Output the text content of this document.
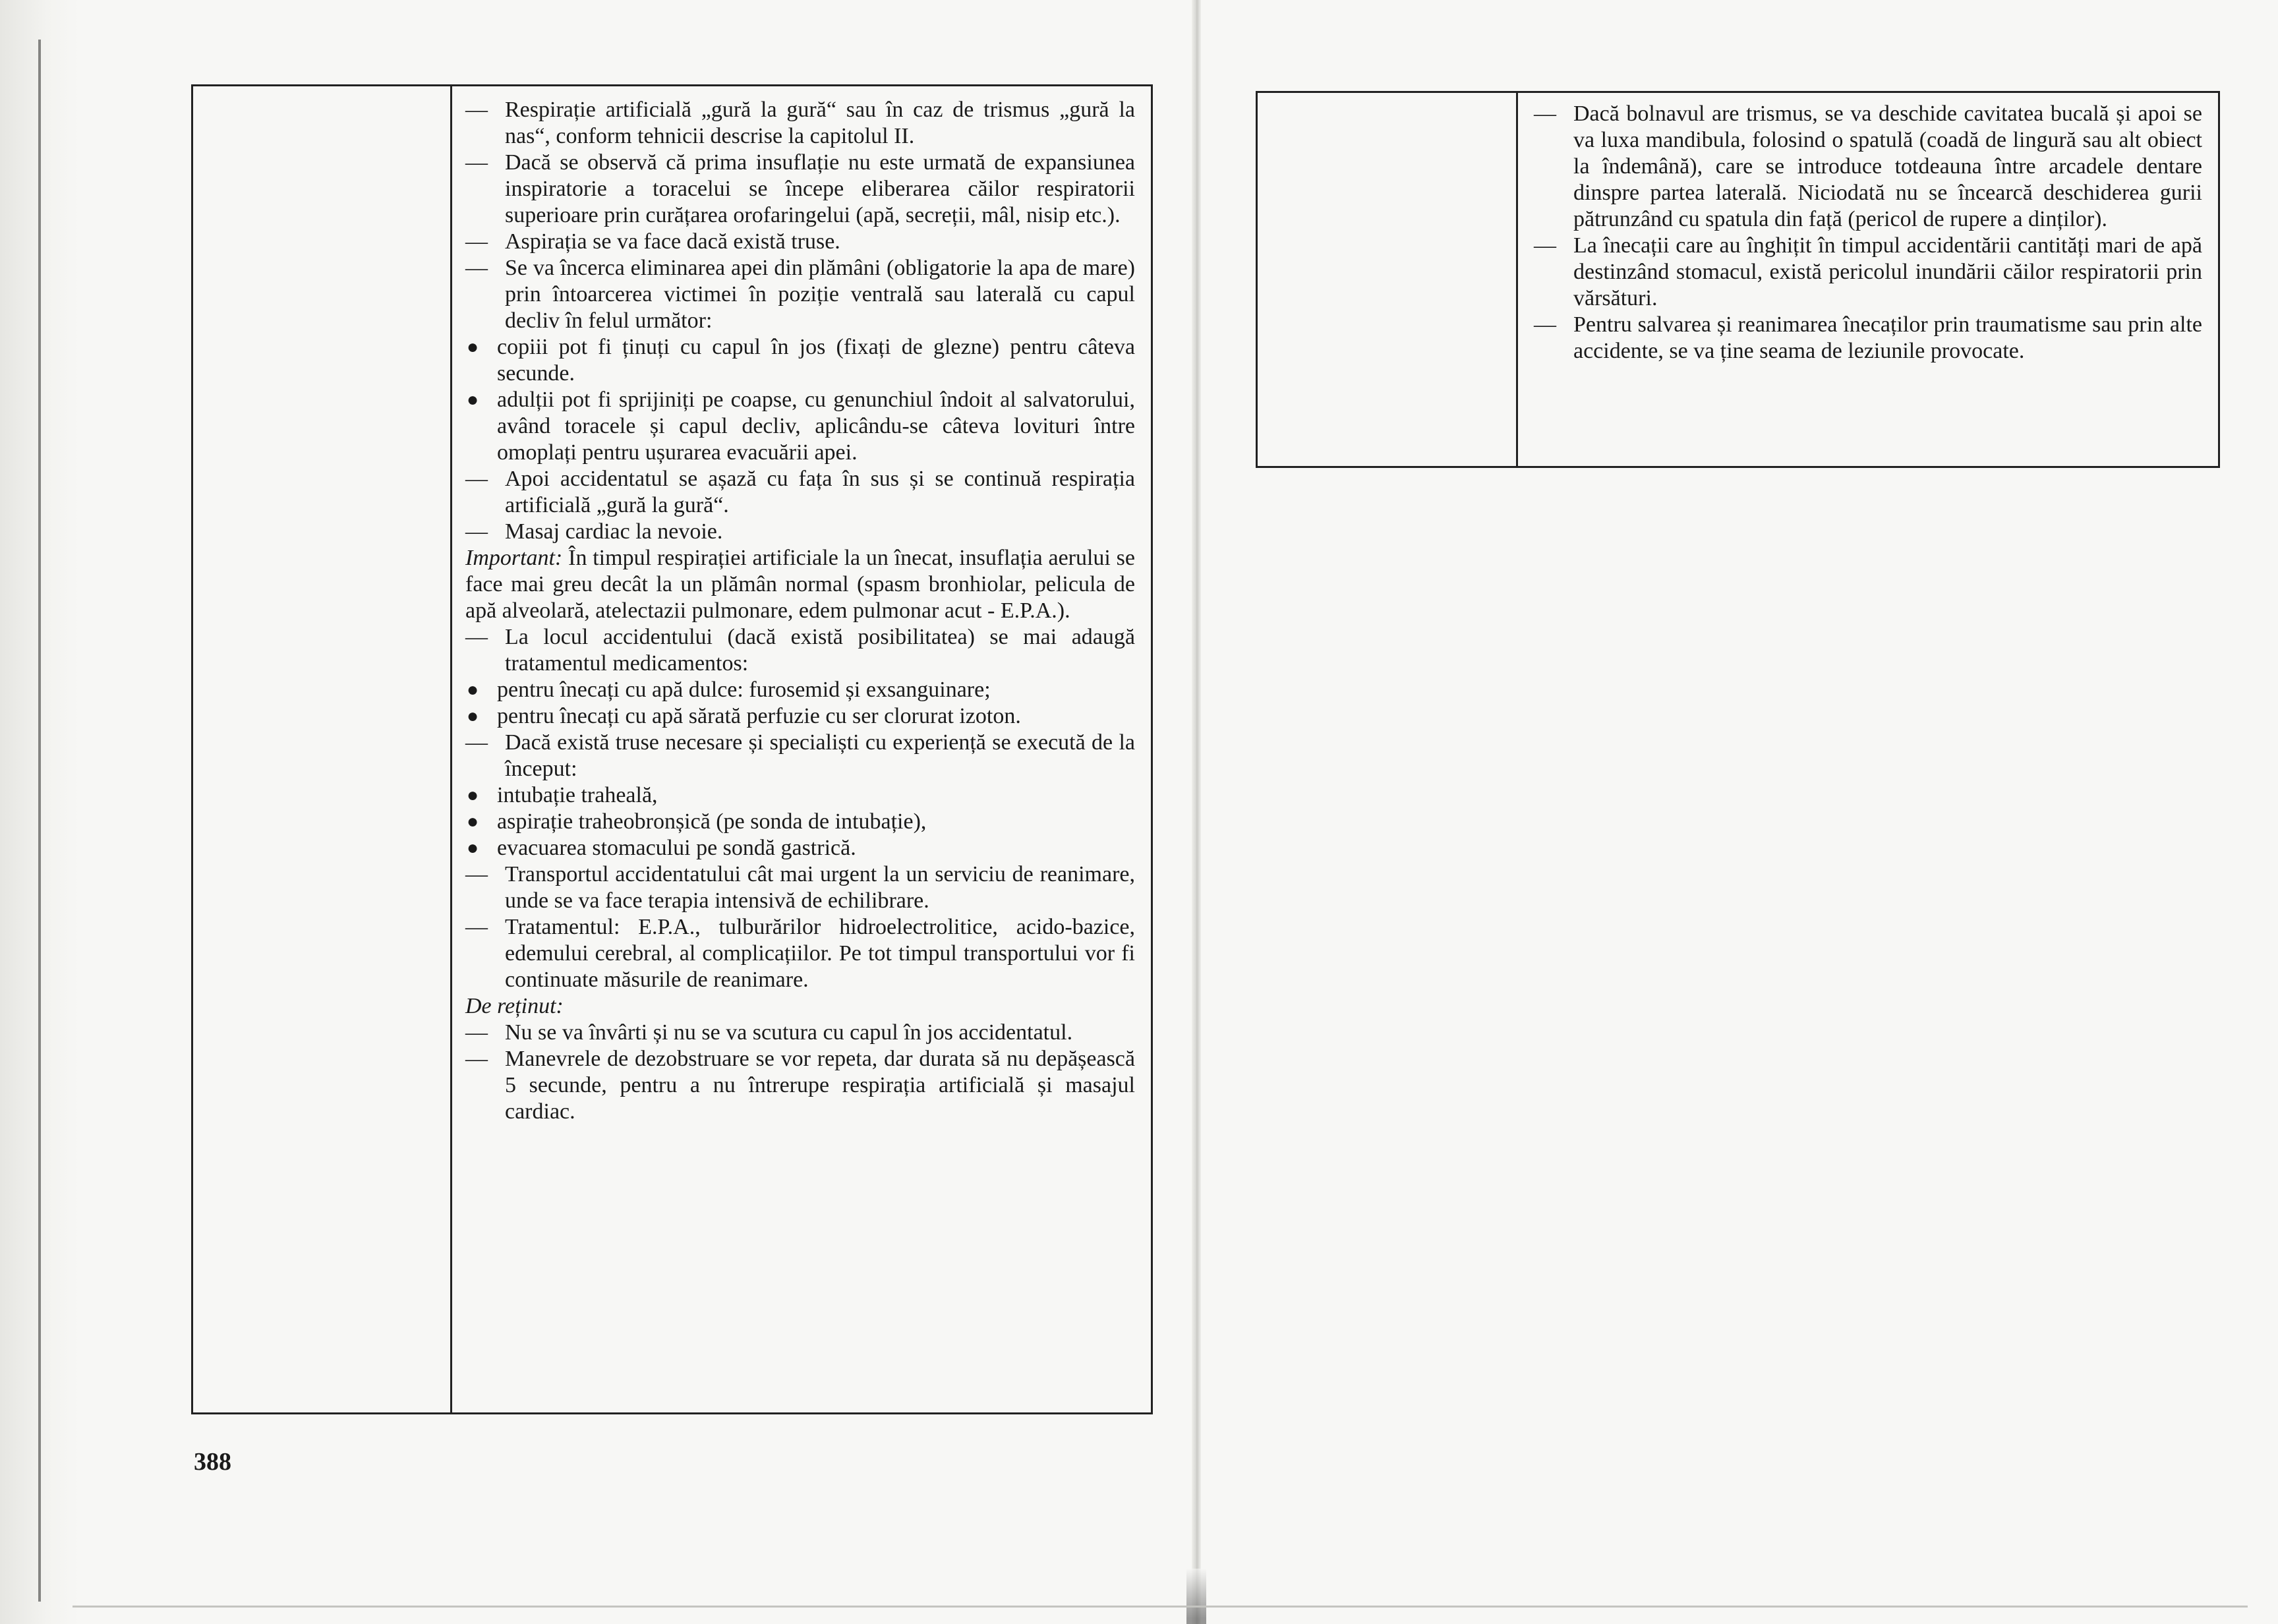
— Respirație artificială „gură la gură“ sau în caz de trismus „gură la nas“, conform tehnicii descrise la capitolul II.
— Dacă se observă că prima insuflație nu este urmată de expansiunea inspiratorie a toracelui se începe eliberarea căilor respiratorii superioare prin curățarea orofaringelui (apă, secreții, mâl, nisip etc.).
— Aspirația se va face dacă există truse.
— Se va încerca eliminarea apei din plămâni (obligatorie la apa de mare) prin întoarcerea victimei în poziție ventrală sau laterală cu capul decliv în felul următor:
● copiii pot fi ținuți cu capul în jos (fixați de glezne) pentru câteva secunde.
● adulții pot fi sprijiniți pe coapse, cu genunchiul îndoit al salvatorului, având toracele și capul decliv, aplicându-se câteva lovituri între omoplați pentru ușurarea evacuării apei.
— Apoi accidentatul se așază cu fața în sus și se continuă respirația artificială „gură la gură“.
— Masaj cardiac la nevoie.
Important: În timpul respirației artificiale la un înecat, insuflația aerului se face mai greu decât la un plămân normal (spasm bronhiolar, pelicula de apă alveolară, atelectazii pulmonare, edem pulmonar acut - E.P.A.).
— La locul accidentului (dacă există posibilitatea) se mai adaugă tratamentul medicamentos:
● pentru înecați cu apă dulce: furosemid și exsanguinare;
● pentru înecați cu apă sărată perfuzie cu ser clorurat izoton.
— Dacă există truse necesare și specialiști cu experiență se execută de la început:
● intubație traheală,
● aspirație traheobronșică (pe sonda de intubație),
● evacuarea stomacului pe sondă gastrică.
— Transportul accidentatului cât mai urgent la un serviciu de reanimare, unde se va face terapia intensivă de echilibrare.
— Tratamentul: E.P.A., tulburărilor hidroelectrolitice, acido-bazice, edemului cerebral, al complicațiilor. Pe tot timpul transportului vor fi continuate măsurile de reanimare.
De reținut:
— Nu se va învârti și nu se va scutura cu capul în jos accidentatul.
— Manevrele de dezobstruare se vor repeta, dar durata să nu depășească 5 secunde, pentru a nu întrerupe respirația artificială și masajul cardiac.

— Dacă bolnavul are trismus, se va deschide cavitatea bucală și apoi se va luxa mandibula, folosind o spatulă (coadă de lingură sau alt obiect la îndemână), care se introduce totdeauna între arcadele dentare dinspre partea laterală. Niciodată nu se încearcă deschiderea gurii pătrunzând cu spatula din față (pericol de rupere a dinților).
— La înecații care au înghițit în timpul accidentării cantități mari de apă destinzând stomacul, există pericolul inundării căilor respiratorii prin vărsături.
— Pentru salvarea și reanimarea înecaților prin traumatisme sau prin alte accidente, se va ține seama de leziunile provocate.
388
